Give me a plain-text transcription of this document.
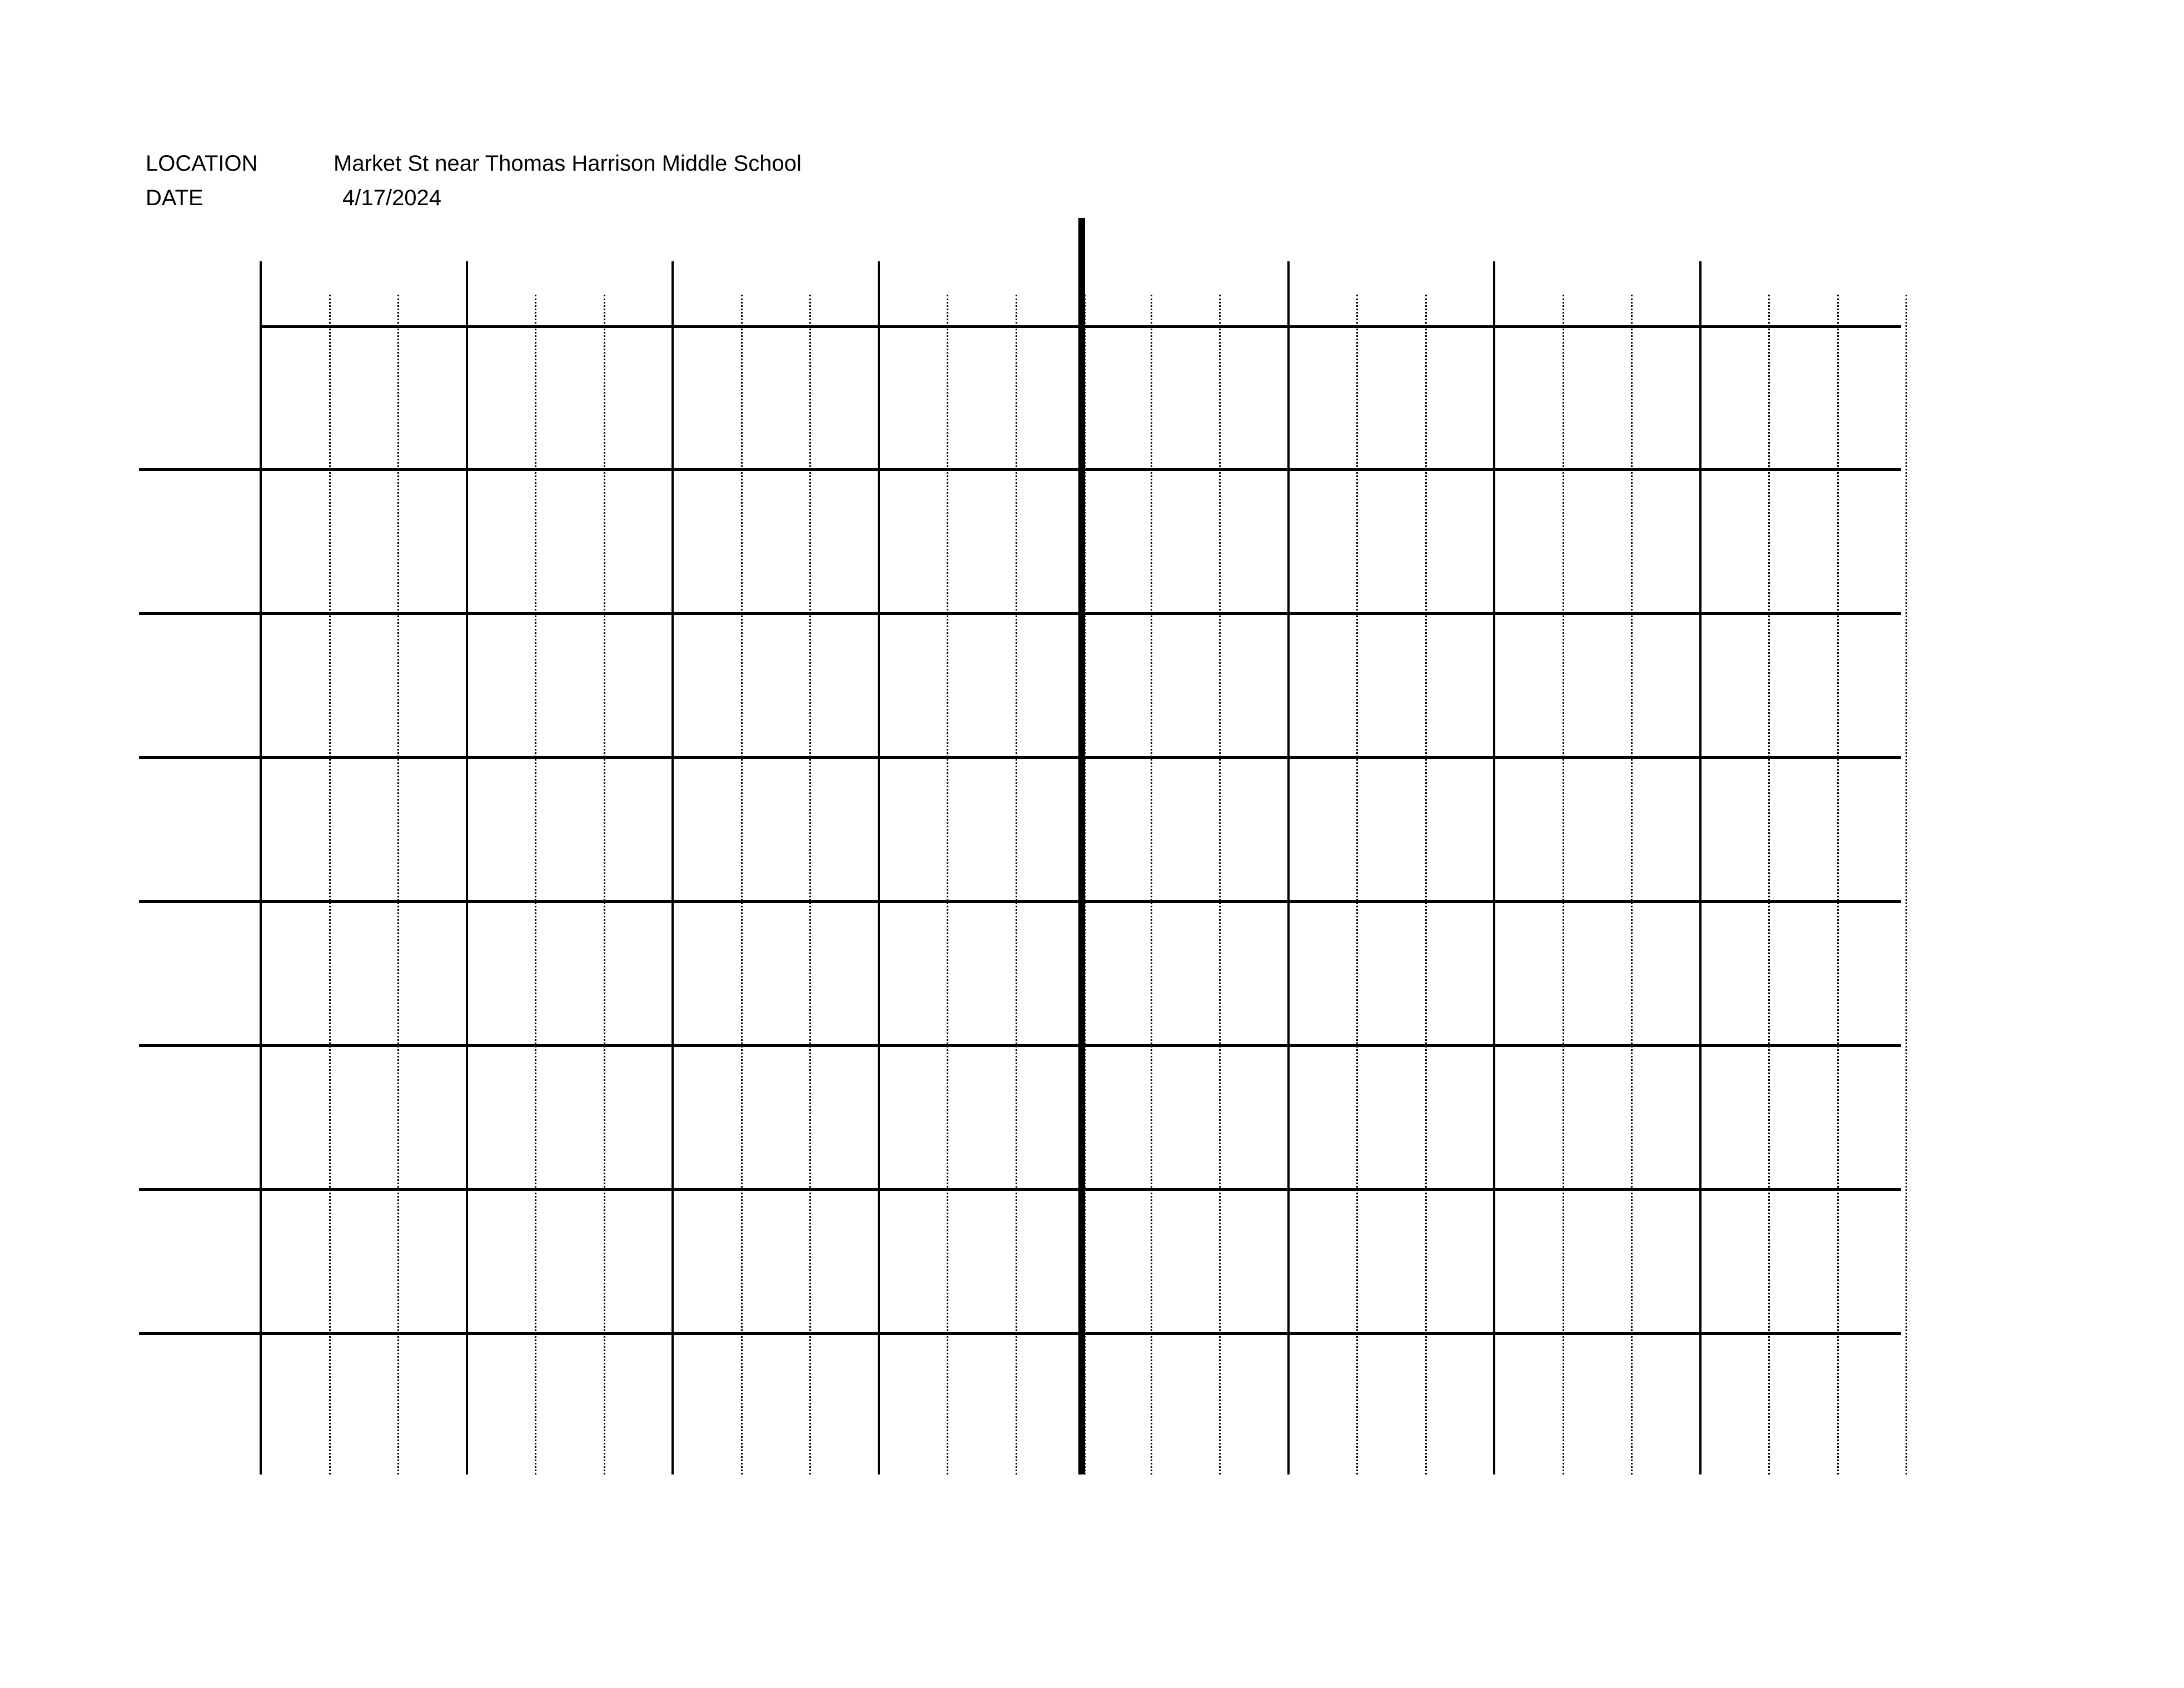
LOCATION	Market St near Thomas Harrison Middle School
DATE	4/17/2024
